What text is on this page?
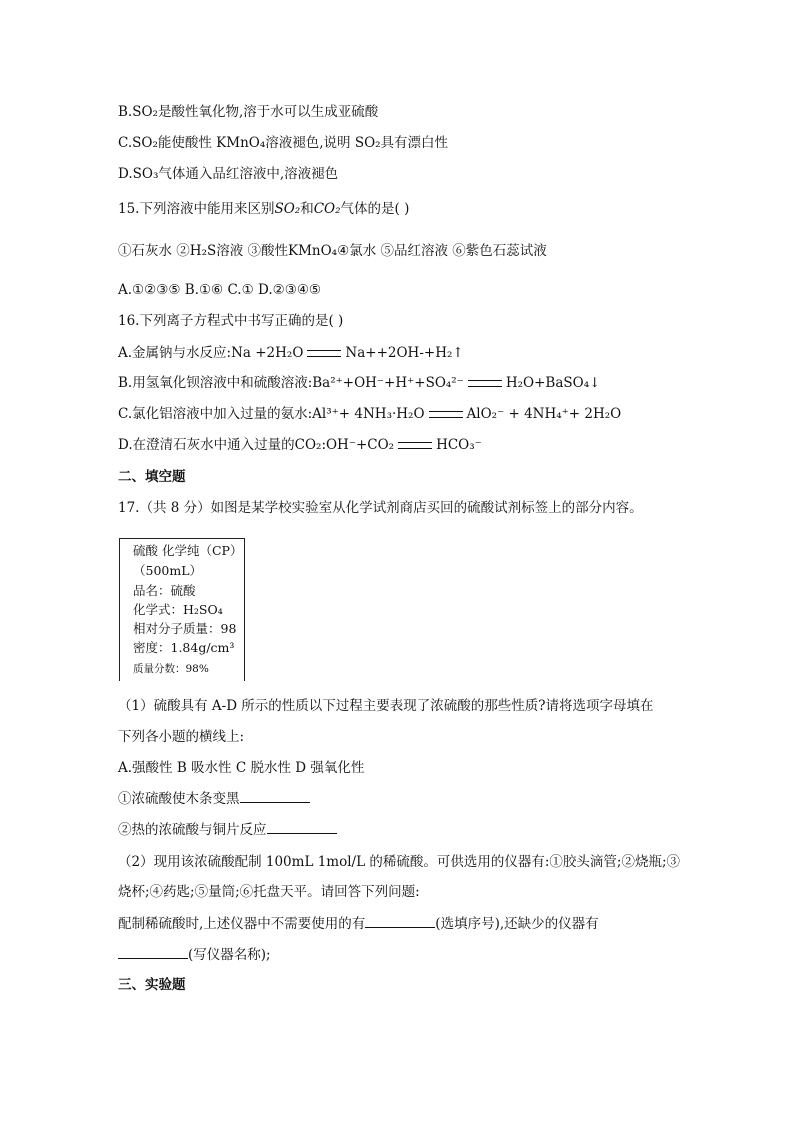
B.SO₂是酸性氧化物,溶于水可以生成亚硫酸
C.SO₂能使酸性 KMnO₄溶液褪色,说明 SO₂具有漂白性
D.SO₃气体通入品红溶液中,溶液褪色
15.下列溶液中能用来区别SO₂和CO₂气体的是( )
①石灰水 ②H₂S溶液 ③酸性KMnO₄④氯水 ⑤品红溶液 ⑥紫色石蕊试液
A.①②③⑤ B.①⑥ C.① D.②③④⑤
16.下列离子方程式中书写正确的是( )
A.金属钠与水反应:Na +2H₂O	Na++2OH-+H₂↑
B.用氢氧化钡溶液中和硫酸溶液:Ba²⁺+OH⁻+H⁺+SO₄²⁻	H₂O+BaSO₄↓
C.氯化铝溶液中加入过量的氨水:Al³⁺+ 4NH₃·H₂O	AlO₂⁻ + 4NH₄⁺+ 2H₂O
D.在澄清石灰水中通入过量的CO₂:OH⁻+CO₂	HCO₃⁻
二、填空题
17.（共 8 分）如图是某学校实验室从化学试剂商店买回的硫酸试剂标签上的部分内容。
硫酸 化学纯（CP）
（500mL）
品名：硫酸
化学式：H₂SO₄
相对分子质量：98
密度：1.84g/cm³
质量分数：98%
（1）硫酸具有 A-D 所示的性质以下过程主要表现了浓硫酸的那些性质?请将选项字母填在
下列各小题的横线上:
A.强酸性 B 吸水性 C 脱水性 D 强氧化性
①浓硫酸使木条变黑
②热的浓硫酸与铜片反应
（2）现用该浓硫酸配制 100mL 1mol/L 的稀硫酸。可供选用的仪器有:①胶头滴管;②烧瓶;③
烧杯;④药匙;⑤量筒;⑥托盘天平。请回答下列问题:
配制稀硫酸时,上述仪器中不需要使用的有	(选填序号),还缺少的仪器有
(写仪器名称);
三、实验题
